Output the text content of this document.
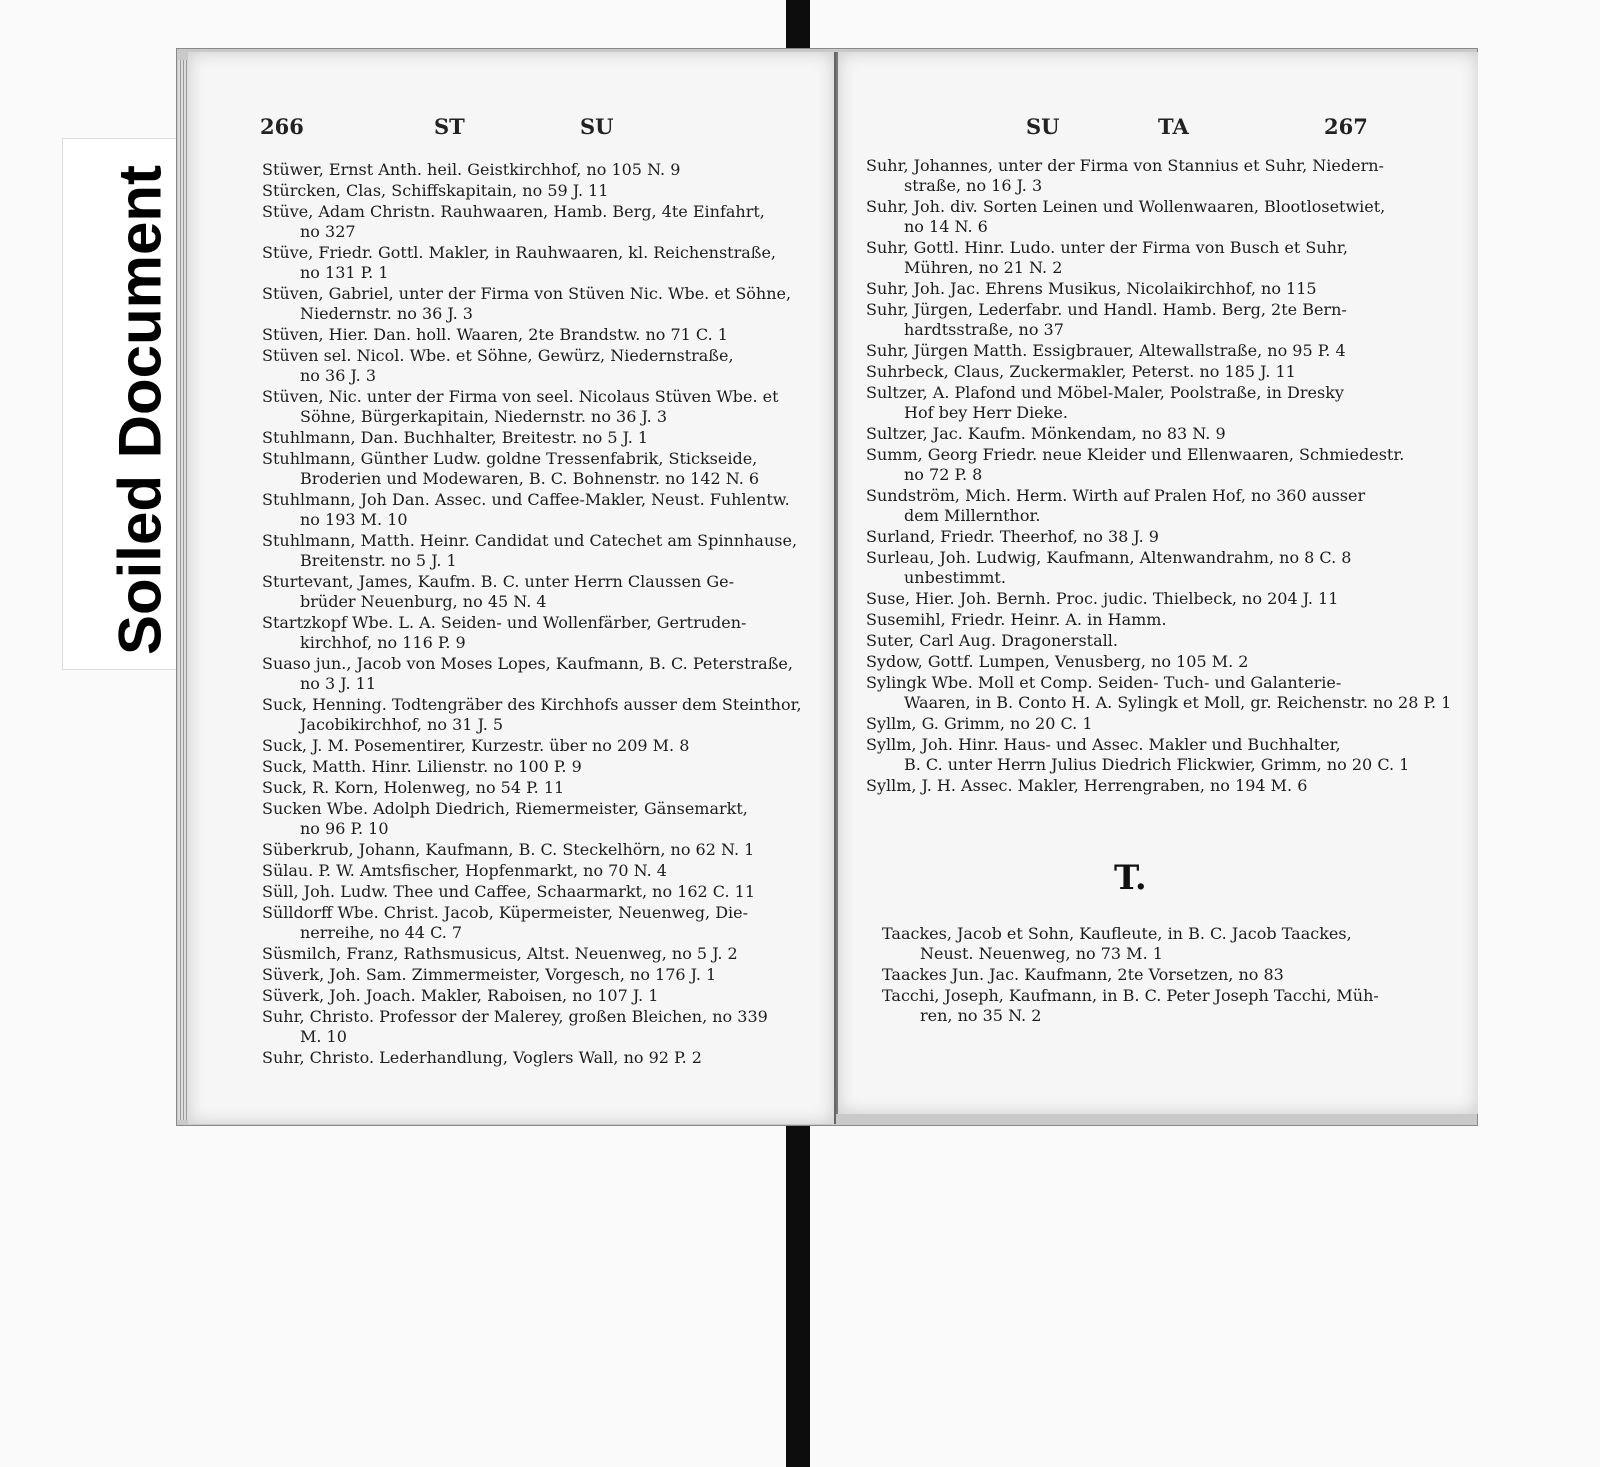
Soiled Document
266	ST	SU
Stüwer, Ernst Anth. heil. Geistkirchhof, no 105 N. 9
Stürcken, Clas, Schiffskapitain, no 59 J. 11
Stüve, Adam Christn. Rauhwaaren, Hamb. Berg, 4te Einfahrt,
no 327
Stüve, Friedr. Gottl. Makler, in Rauhwaaren, kl. Reichenstraße,
no 131 P. 1
Stüven, Gabriel, unter der Firma von Stüven Nic. Wbe. et Söhne,
Niedernstr. no 36 J. 3
Stüven, Hier. Dan. holl. Waaren, 2te Brandstw. no 71 C. 1
Stüven sel. Nicol. Wbe. et Söhne, Gewürz, Niedernstraße,
no 36 J. 3
Stüven, Nic. unter der Firma von seel. Nicolaus Stüven Wbe. et
Söhne, Bürgerkapitain, Niedernstr. no 36 J. 3
Stuhlmann, Dan. Buchhalter, Breitestr. no 5 J. 1
Stuhlmann, Günther Ludw. goldne Tressenfabrik, Stickseide,
Broderien und Modewaren, B. C. Bohnenstr. no 142 N. 6
Stuhlmann, Joh Dan. Assec. und Caffee-Makler, Neust. Fuhlentw.
no 193 M. 10
Stuhlmann, Matth. Heinr. Candidat und Catechet am Spinnhause,
Breitenstr. no 5 J. 1
Sturtevant, James, Kaufm. B. C. unter Herrn Claussen Ge-
brüder Neuenburg, no 45 N. 4
Startzkopf Wbe. L. A. Seiden- und Wollenfärber, Gertruden-
kirchhof, no 116 P. 9
Suaso jun., Jacob von Moses Lopes, Kaufmann, B. C. Peterstraße,
no 3 J. 11
Suck, Henning. Todtengräber des Kirchhofs ausser dem Steinthor,
Jacobikirchhof, no 31 J. 5
Suck, J. M. Posementirer, Kurzestr. über no 209 M. 8
Suck, Matth. Hinr. Lilienstr. no 100 P. 9
Suck, R. Korn, Holenweg, no 54 P. 11
Sucken Wbe. Adolph Diedrich, Riemermeister, Gänsemarkt,
no 96 P. 10
Süberkrub, Johann, Kaufmann, B. C. Steckelhörn, no 62 N. 1
Sülau. P. W. Amtsfischer, Hopfenmarkt, no 70 N. 4
Süll, Joh. Ludw. Thee und Caffee, Schaarmarkt, no 162 C. 11
Sülldorff Wbe. Christ. Jacob, Küpermeister, Neuenweg, Die-
nerreihe, no 44 C. 7
Süsmilch, Franz, Rathsmusicus, Altst. Neuenweg, no 5 J. 2
Süverk, Joh. Sam. Zimmermeister, Vorgesch, no 176 J. 1
Süverk, Joh. Joach. Makler, Raboisen, no 107 J. 1
Suhr, Christo. Professor der Malerey, großen Bleichen, no 339
M. 10
Suhr, Christo. Lederhandlung, Voglers Wall, no 92 P. 2
SU	TA	267
Suhr, Johannes, unter der Firma von Stannius et Suhr, Niedern-
straße, no 16 J. 3
Suhr, Joh. div. Sorten Leinen und Wollenwaaren, Blootlosetwiet,
no 14 N. 6
Suhr, Gottl. Hinr. Ludo. unter der Firma von Busch et Suhr,
Mühren, no 21 N. 2
Suhr, Joh. Jac. Ehrens Musikus, Nicolaikirchhof, no 115
Suhr, Jürgen, Lederfabr. und Handl. Hamb. Berg, 2te Bern-
hardtsstraße, no 37
Suhr, Jürgen Matth. Essigbrauer, Altewallstraße, no 95 P. 4
Suhrbeck, Claus, Zuckermakler, Peterst. no 185 J. 11
Sultzer, A. Plafond und Möbel-Maler, Poolstraße, in Dresky
Hof bey Herr Dieke.
Sultzer, Jac. Kaufm. Mönkendam, no 83 N. 9
Summ, Georg Friedr. neue Kleider und Ellenwaaren, Schmiedestr.
no 72 P. 8
Sundström, Mich. Herm. Wirth auf Pralen Hof, no 360 ausser
dem Millernthor.
Surland, Friedr. Theerhof, no 38 J. 9
Surleau, Joh. Ludwig, Kaufmann, Altenwandrahm, no 8 C. 8
unbestimmt.
Suse, Hier. Joh. Bernh. Proc. judic. Thielbeck, no 204 J. 11
Susemihl, Friedr. Heinr. A. in Hamm.
Suter, Carl Aug. Dragonerstall.
Sydow, Gottf. Lumpen, Venusberg, no 105 M. 2
Sylingk Wbe. Moll et Comp. Seiden- Tuch- und Galanterie-
Waaren, in B. Conto H. A. Sylingk et Moll, gr. Reichenstr. no 28 P. 1
Syllm, G. Grimm, no 20 C. 1
Syllm, Joh. Hinr. Haus- und Assec. Makler und Buchhalter,
B. C. unter Herrn Julius Diedrich Flickwier, Grimm, no 20 C. 1
Syllm, J. H. Assec. Makler, Herrengraben, no 194 M. 6
T.
Taackes, Jacob et Sohn, Kaufleute, in B. C. Jacob Taackes,
Neust. Neuenweg, no 73 M. 1
Taackes Jun. Jac. Kaufmann, 2te Vorsetzen, no 83
Tacchi, Joseph, Kaufmann, in B. C. Peter Joseph Tacchi, Müh-
ren, no 35 N. 2
